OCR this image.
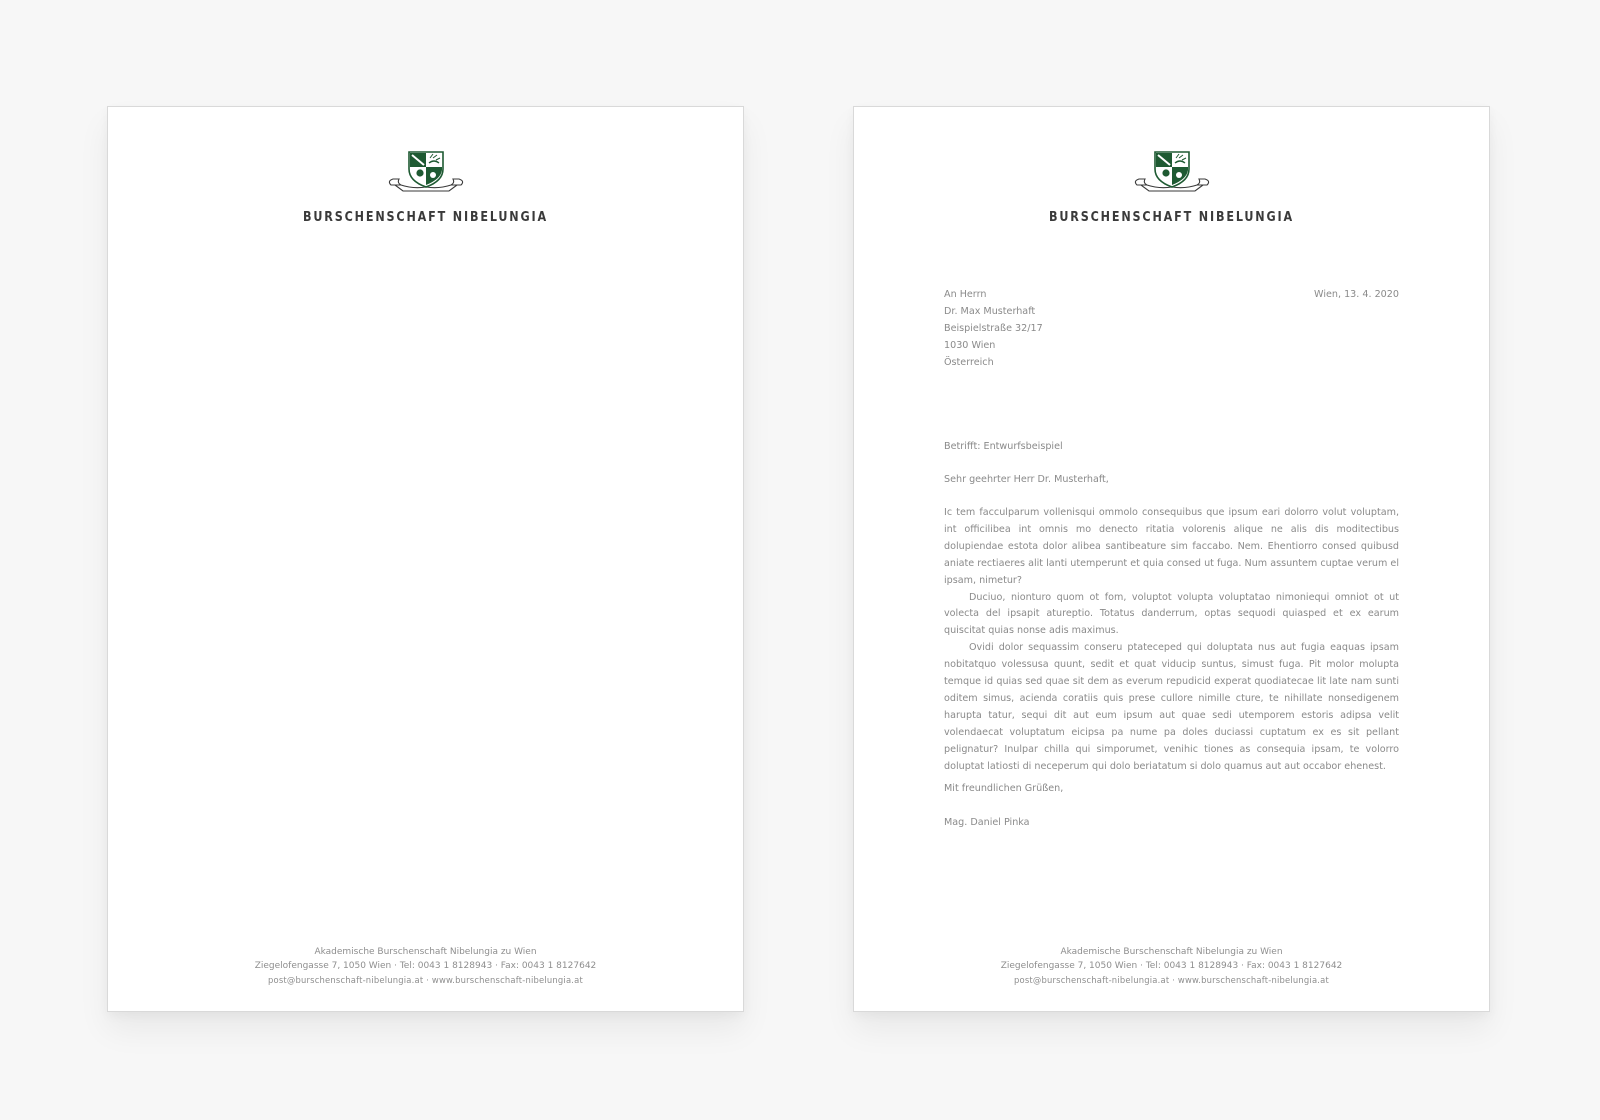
BURSCHENSCHAFT NIBELUNGIA
Akademische Burschenschaft Nibelungia zu Wien
Ziegelofengasse 7, 1050 Wien · Tel: 0043 1 8128943 · Fax: 0043 1 8127642
post@burschenschaft-nibelungia.at · www.burschenschaft-nibelungia.at
BURSCHENSCHAFT NIBELUNGIA
An Herrn
Dr. Max Musterhaft
Beispielstraße 32/17
1030 Wien
Österreich
Wien, 13. 4. 2020
Betrifft: Entwurfsbeispiel
Sehr geehrter Herr Dr. Musterhaft,

Ic tem facculparum vollenisqui ommolo consequibus que ipsum eari dolorro volut voluptam, int officilibea int omnis mo denecto ritatia volorenis alique ne alis dis moditectibus dolupiendae estota dolor alibea santibeature sim faccabo. Nem. Ehentiorro consed quibusd aniate rectiaeres alit lanti utemperunt et quia consed ut fuga. Num assuntem cuptae verum el ipsam, nimetur?

Duciuo, nionturo quom ot fom, voluptot volupta voluptatao nimoniequi omniot ot ut volecta del ipsapit atureptio. Totatus danderrum, optas sequodi quiasped et ex earum quiscitat quias nonse adis maximus.

Ovidi dolor sequassim conseru ptateceped qui doluptata nus aut fugia eaquas ipsam nobitatquo volessusa quunt, sedit et quat viducip suntus, simust fuga. Pit molor molupta temque id quias sed quae sit dem as everum repudicid experat quodiatecae lit late nam sunti oditem simus, acienda coratiis quis prese cullore nimille cture, te nihillate nonsedigenem harupta tatur, sequi dit aut eum ipsum aut quae sedi utemporem estoris adipsa velit volendaecat voluptatum eicipsa pa nume pa doles duciassi cuptatum ex es sit pellant pelignatur? Inulpar chilla qui simporumet, venihic tiones as consequia ipsam, te volorro doluptat latiosti di neceperum qui dolo beriatatum si dolo quamus aut aut occabor ehenest.

Mit freundlichen Grüßen,
Mag. Daniel Pinka
Akademische Burschenschaft Nibelungia zu Wien
Ziegelofengasse 7, 1050 Wien · Tel: 0043 1 8128943 · Fax: 0043 1 8127642
post@burschenschaft-nibelungia.at · www.burschenschaft-nibelungia.at
